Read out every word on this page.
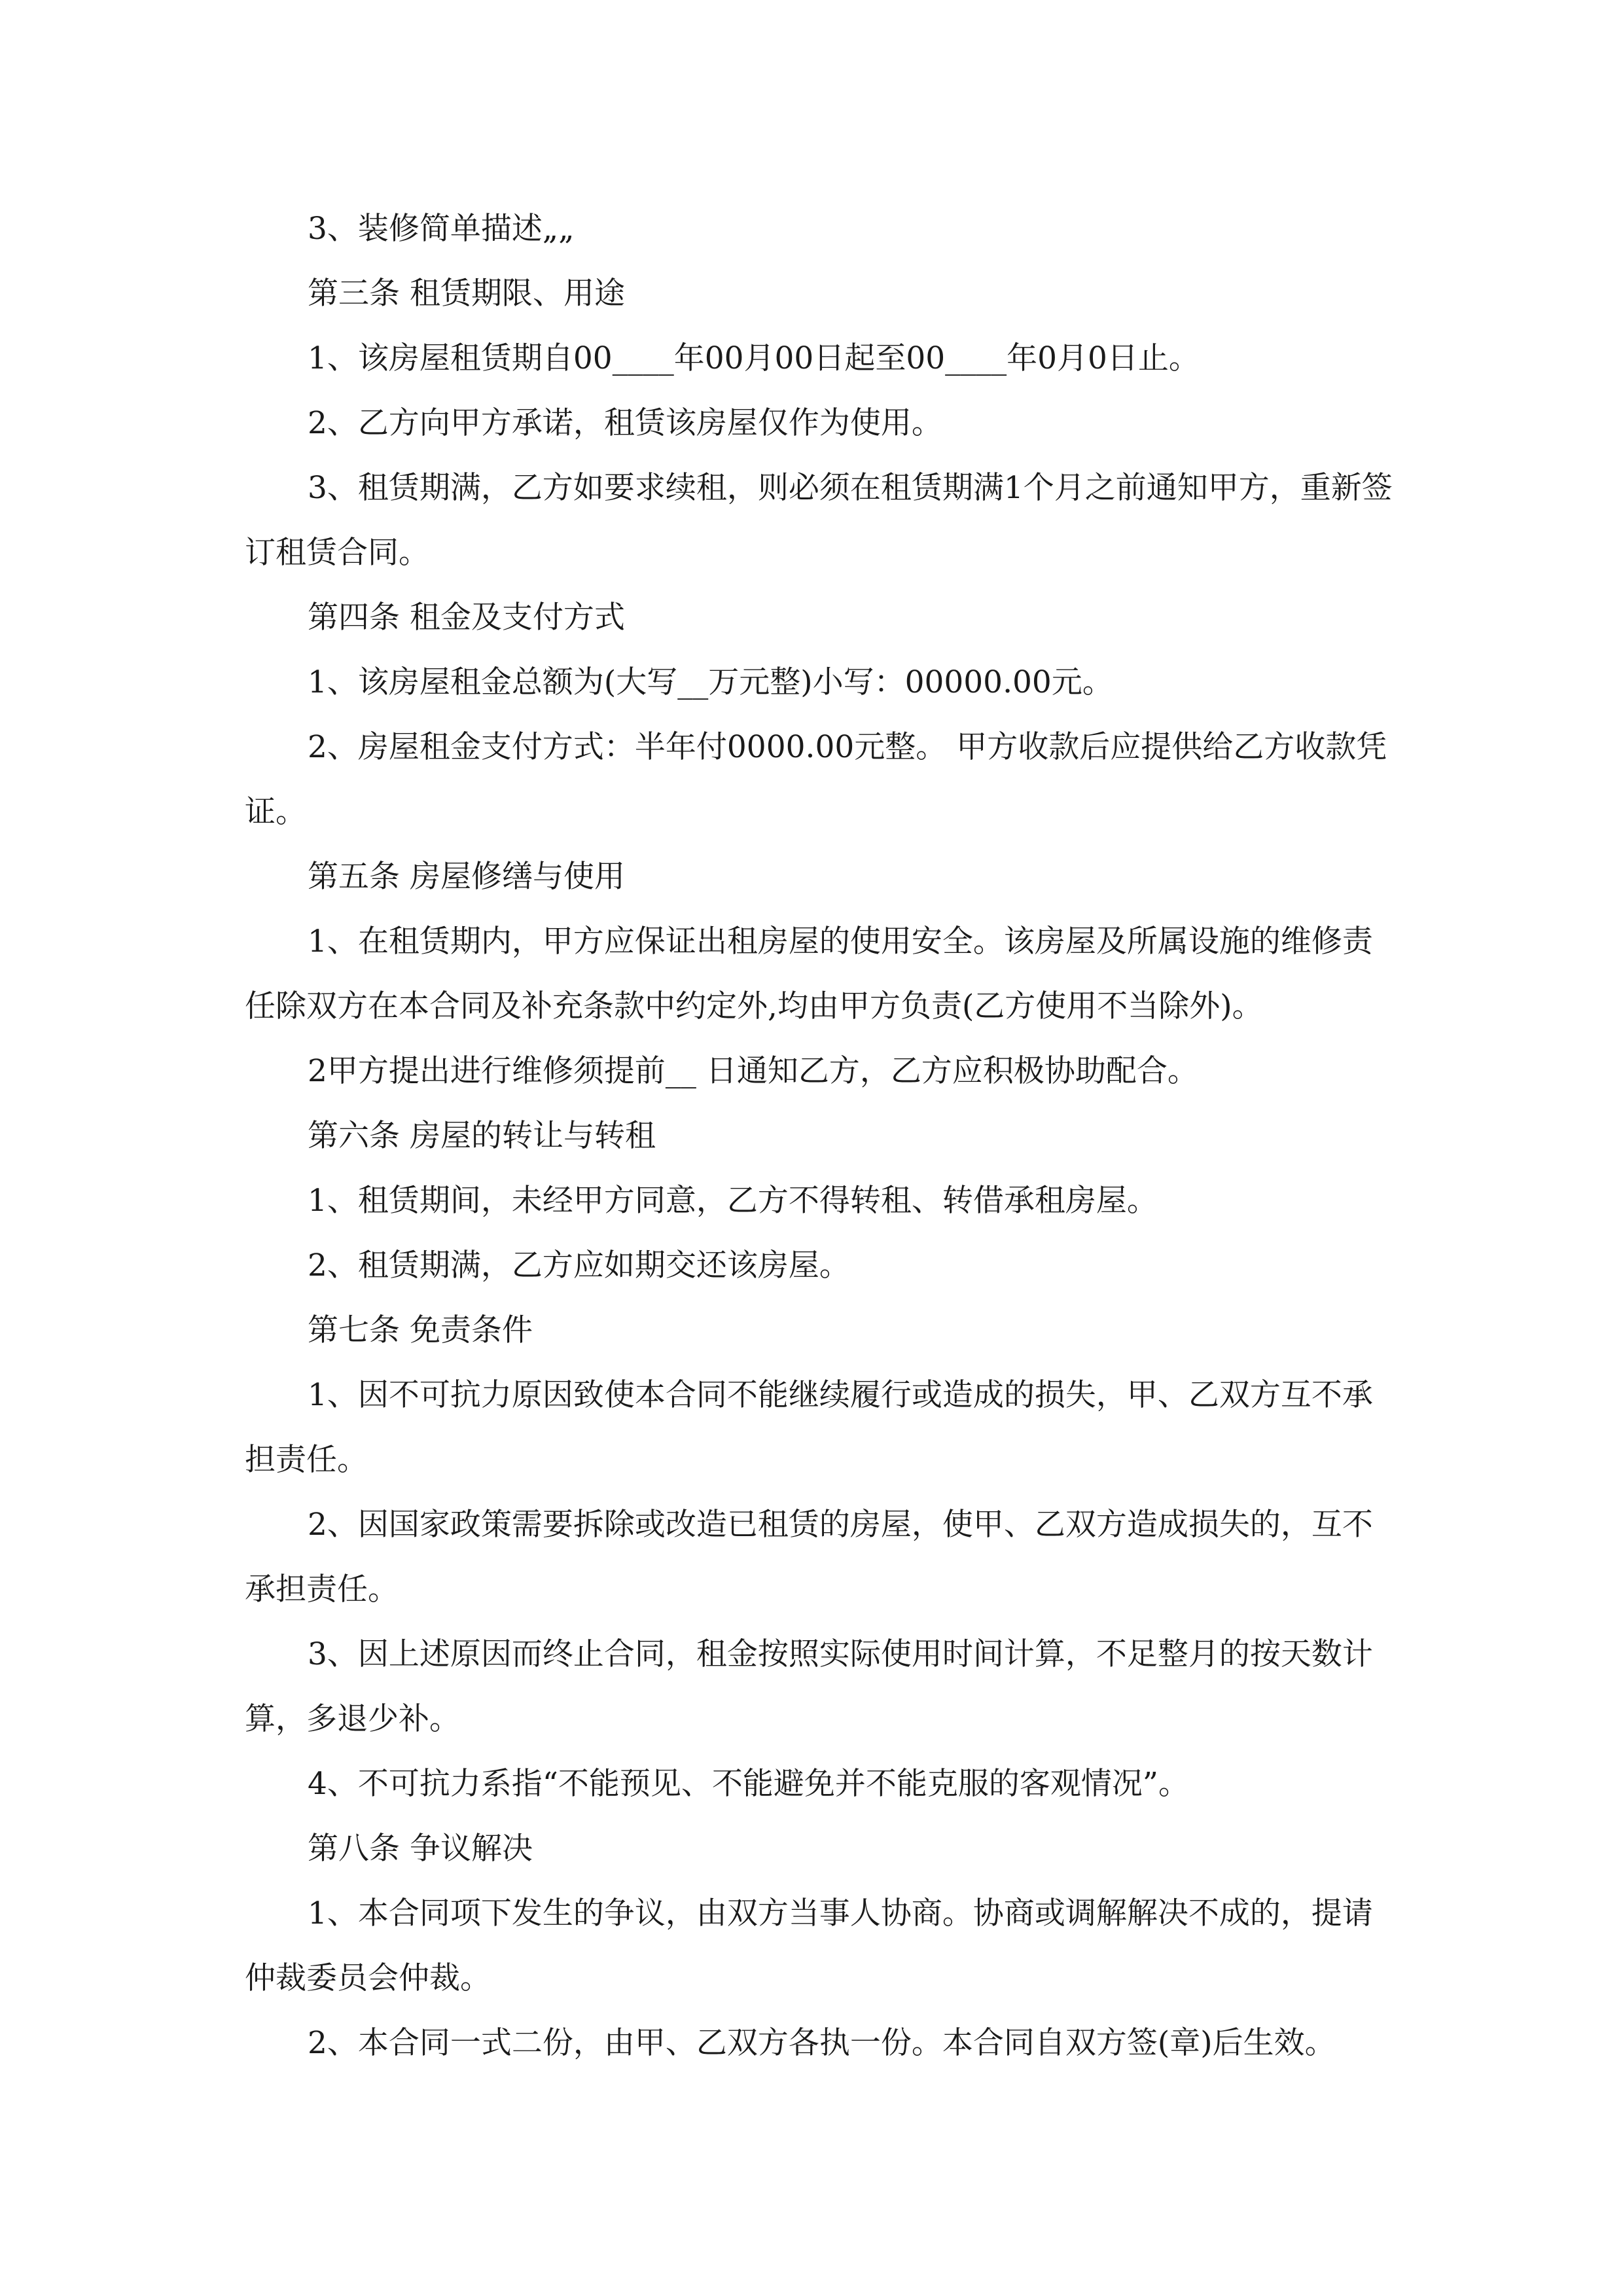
3、装修简单描述„„

第三条 租赁期限、用途

1、该房屋租赁期自00____年00月00日起至00____年0月0日止。

2、乙方向甲方承诺，租赁该房屋仅作为使用。

3、租赁期满，乙方如要求续租，则必须在租赁期满1个月之前通知甲方，重新签订租赁合同。

第四条 租金及支付方式

1、该房屋租金总额为(大写__万元整)小写：00000.00元。

2、房屋租金支付方式：半年付0000.00元整。 甲方收款后应提供给乙方收款凭证。

第五条 房屋修缮与使用

1、在租赁期内，甲方应保证出租房屋的使用安全。该房屋及所属设施的维修责任除双方在本合同及补充条款中约定外,均由甲方负责(乙方使用不当除外)。

2甲方提出进行维修须提前__ 日通知乙方，乙方应积极协助配合。

第六条 房屋的转让与转租

1、租赁期间，未经甲方同意，乙方不得转租、转借承租房屋。

2、租赁期满，乙方应如期交还该房屋。

第七条 免责条件

1、因不可抗力原因致使本合同不能继续履行或造成的损失，甲、乙双方互不承担责任。

2、因国家政策需要拆除或改造已租赁的房屋，使甲、乙双方造成损失的，互不承担责任。

3、因上述原因而终止合同，租金按照实际使用时间计算，不足整月的按天数计算，多退少补。

4、不可抗力系指“不能预见、不能避免并不能克服的客观情况”。

第八条 争议解决

1、本合同项下发生的争议，由双方当事人协商。协商或调解解决不成的，提请仲裁委员会仲裁。

2、本合同一式二份，由甲、乙双方各执一份。本合同自双方签(章)后生效。
